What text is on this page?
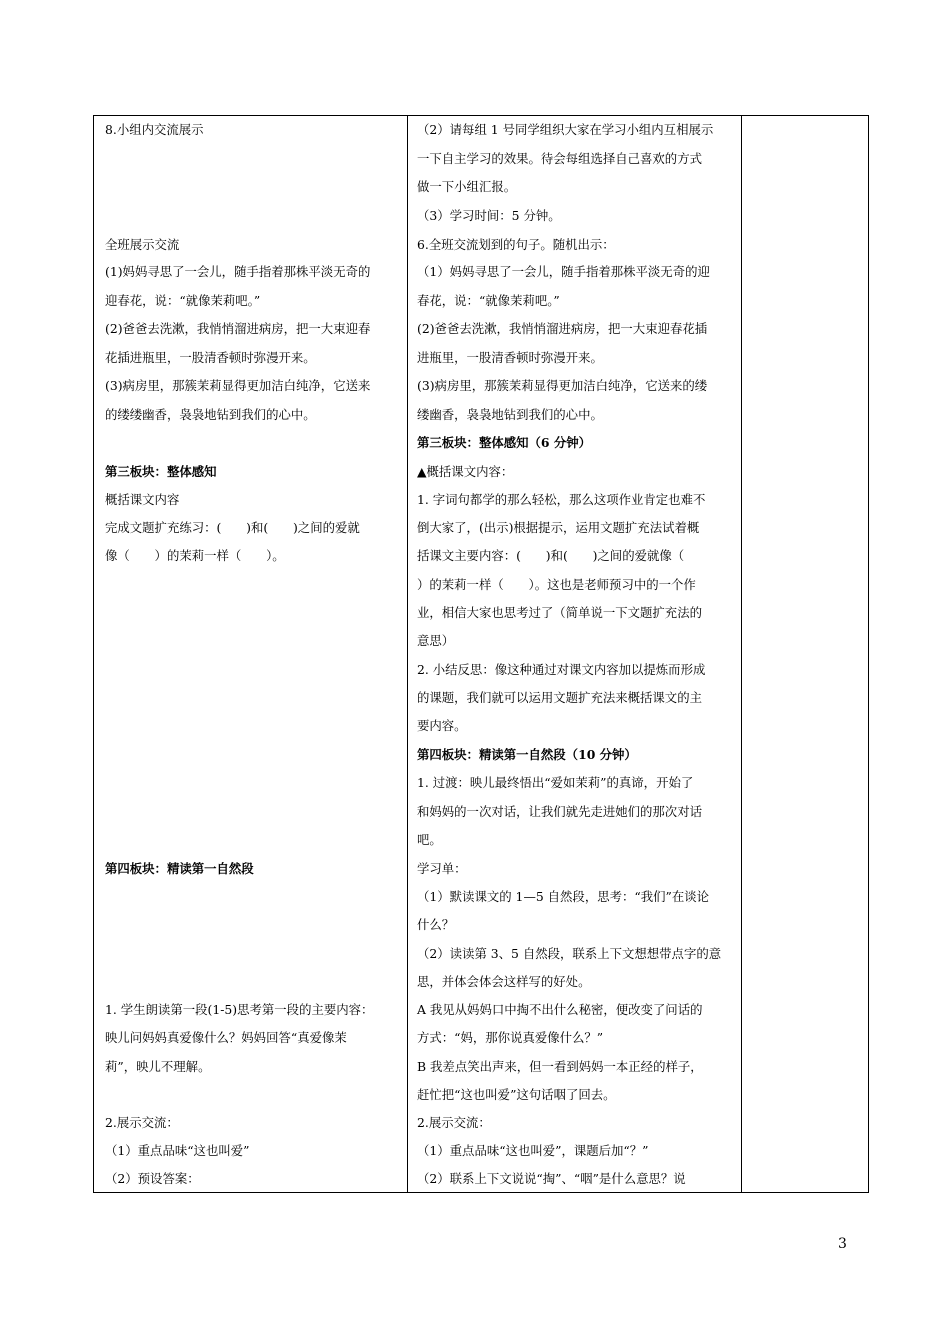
8.小组内交流展示
全班展示交流
(1)妈妈寻思了一会儿，随手指着那株平淡无奇的
迎春花，说：“就像茉莉吧。”
(2)爸爸去洗漱，我悄悄溜进病房，把一大束迎春
花插进瓶里，一股清香顿时弥漫开来。
(3)病房里，那簇茉莉显得更加洁白纯净，它送来
的缕缕幽香，袅袅地钻到我们的心中。
第三板块：整体感知
概括课文内容
完成文题扩充练习：(　　)和(　　)之间的爱就
像（　　）的茉莉一样（　　）。
第四板块：精读第一自然段
1. 学生朗读第一段(1-5)思考第一段的主要内容：
映儿问妈妈真爱像什么？妈妈回答“真爱像茉
莉”，映儿不理解。
2.展示交流：
（1）重点品味“这也叫爱”
（2）预设答案：
（2）请每组 1 号同学组织大家在学习小组内互相展示
一下自主学习的效果。待会每组选择自己喜欢的方式
做一下小组汇报。
（3）学习时间：5 分钟。
6.全班交流划到的句子。随机出示：
（1）妈妈寻思了一会儿，随手指着那株平淡无奇的迎
春花，说：“就像茉莉吧。”
(2)爸爸去洗漱，我悄悄溜进病房，把一大束迎春花插
进瓶里，一股清香顿时弥漫开来。
(3)病房里，那簇茉莉显得更加洁白纯净，它送来的缕
缕幽香，袅袅地钻到我们的心中。
第三板块：整体感知（6 分钟）
▲概括课文内容：
1. 字词句都学的那么轻松，那么这项作业肯定也难不
倒大家了，(出示)根据提示，运用文题扩充法试着概
括课文主要内容：(　　)和(　　)之间的爱就像（
）的茉莉一样（　　）。这也是老师预习中的一个作
业，相信大家也思考过了（简单说一下文题扩充法的
意思）
2. 小结反思：像这种通过对课文内容加以提炼而形成
的课题，我们就可以运用文题扩充法来概括课文的主
要内容。
第四板块：精读第一自然段（10 分钟）
1. 过渡：映儿最终悟出“爱如茉莉”的真谛，开始了
和妈妈的一次对话，让我们就先走进她们的那次对话
吧。
学习单：
（1）默读课文的 1—5 自然段，思考：“我们”在谈论
什么？
（2）读读第 3、5 自然段，联系上下文想想带点字的意
思，并体会体会这样写的好处。
A 我见从妈妈口中掏不出什么秘密，便改变了问话的
方式：“妈，那你说真爱像什么？”
B 我差点笑出声来，但一看到妈妈一本正经的样子，
赶忙把“这也叫爱”这句话咽了回去。
2.展示交流：
（1）重点品味“这也叫爱”，课题后加“？”
（2）联系上下文说说“掏”、“咽”是什么意思？说
3
